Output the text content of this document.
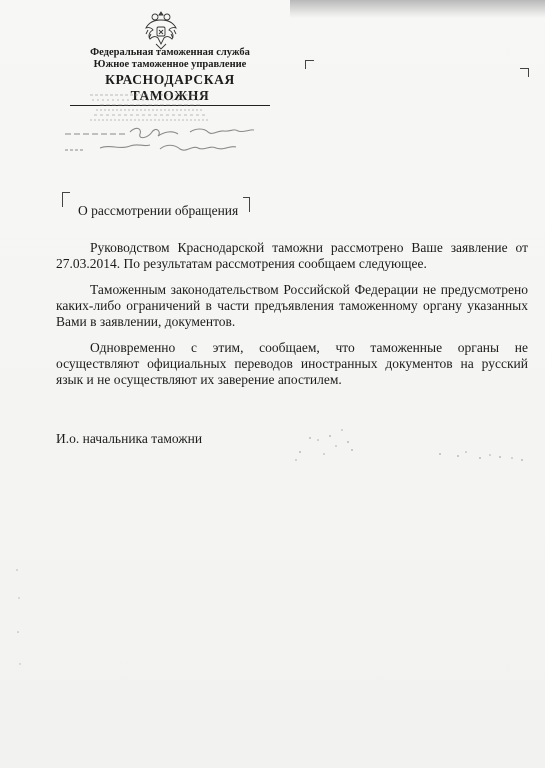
Федеральная таможенная служба
Южное таможенное управление
КРАСНОДАРСКАЯ ТАМОЖНЯ
О рассмотрении обращения

Руководством Краснодарской таможни рассмотрено Ваше заявление от 27.03.2014. По результатам рассмотрения сообщаем следующее.

Таможенным законодательством Российской Федерации не предусмотрено каких-либо ограничений в части предъявления таможенному органу указанных Вами в заявлении, документов.

Одновременно с этим, сообщаем, что таможенные органы не осуществляют официальных переводов иностранных документов на русский язык и не осуществляют их заверение апостилем.

И.о. начальника таможни
